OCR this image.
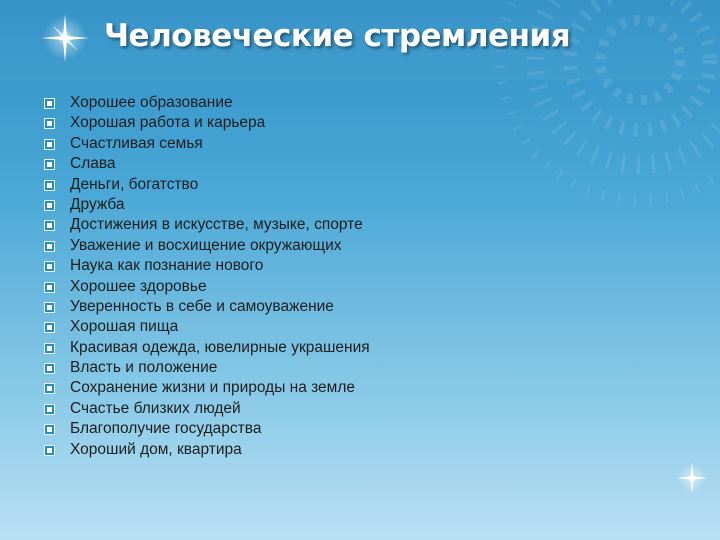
Человеческие стремления
Хорошее образование
Хорошая работа и карьера
Счастливая семья
Слава
Деньги, богатство
Дружба
Достижения в искусстве, музыке, спорте
Уважение и восхищение окружающих
Наука как познание нового
Хорошее здоровье
Уверенность в себе и самоуважение
Хорошая пища
Красивая одежда, ювелирные украшения
Власть и положение
Сохранение жизни и природы на земле
Счастье близких людей
Благополучие государства
Хороший дом, квартира
